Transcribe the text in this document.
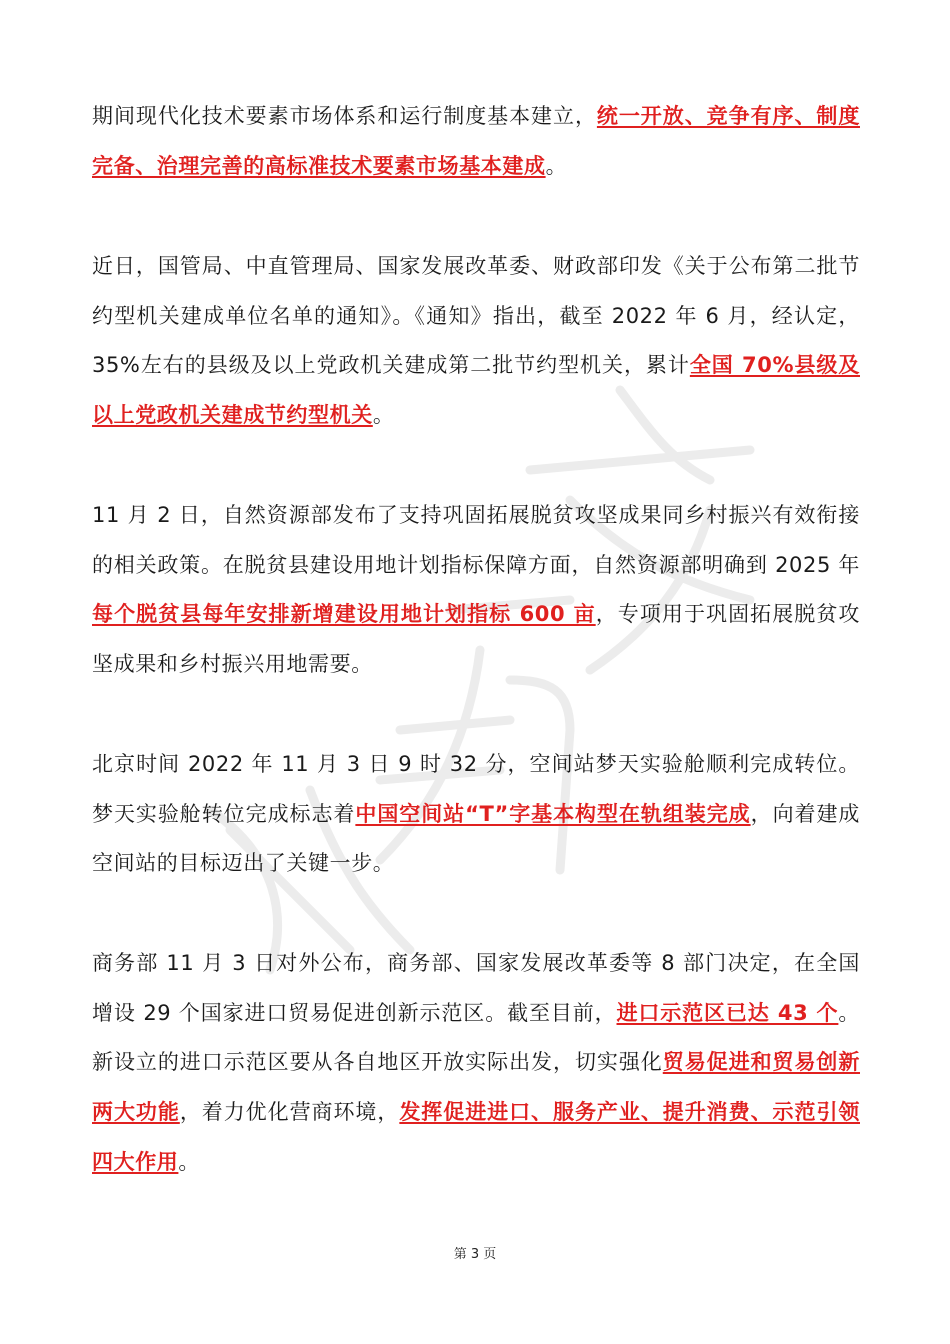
期间现代化技术要素市场体系和运行制度基本建立，统一开放、竞争有序、制度完备、治理完善的高标准技术要素市场基本建成。
近日，国管局、中直管理局、国家发展改革委、财政部印发《关于公布第二批节约型机关建成单位名单的通知》。《通知》指出，截至 2022 年 6 月，经认定，35%左右的县级及以上党政机关建成第二批节约型机关，累计全国 70%县级及以上党政机关建成节约型机关。
11 月 2 日，自然资源部发布了支持巩固拓展脱贫攻坚成果同乡村振兴有效衔接的相关政策。在脱贫县建设用地计划指标保障方面，自然资源部明确到 2025 年每个脱贫县每年安排新增建设用地计划指标 600 亩，专项用于巩固拓展脱贫攻坚成果和乡村振兴用地需要。
北京时间 2022 年 11 月 3 日 9 时 32 分，空间站梦天实验舱顺利完成转位。梦天实验舱转位完成标志着中国空间站“T”字基本构型在轨组装完成，向着建成空间站的目标迈出了关键一步。
商务部 11 月 3 日对外公布，商务部、国家发展改革委等 8 部门决定，在全国增设 29 个国家进口贸易促进创新示范区。截至目前，进口示范区已达 43 个。新设立的进口示范区要从各自地区开放实际出发，切实强化贸易促进和贸易创新两大功能，着力优化营商环境，发挥促进进口、服务产业、提升消费、示范引领四大作用。
第 3 页
